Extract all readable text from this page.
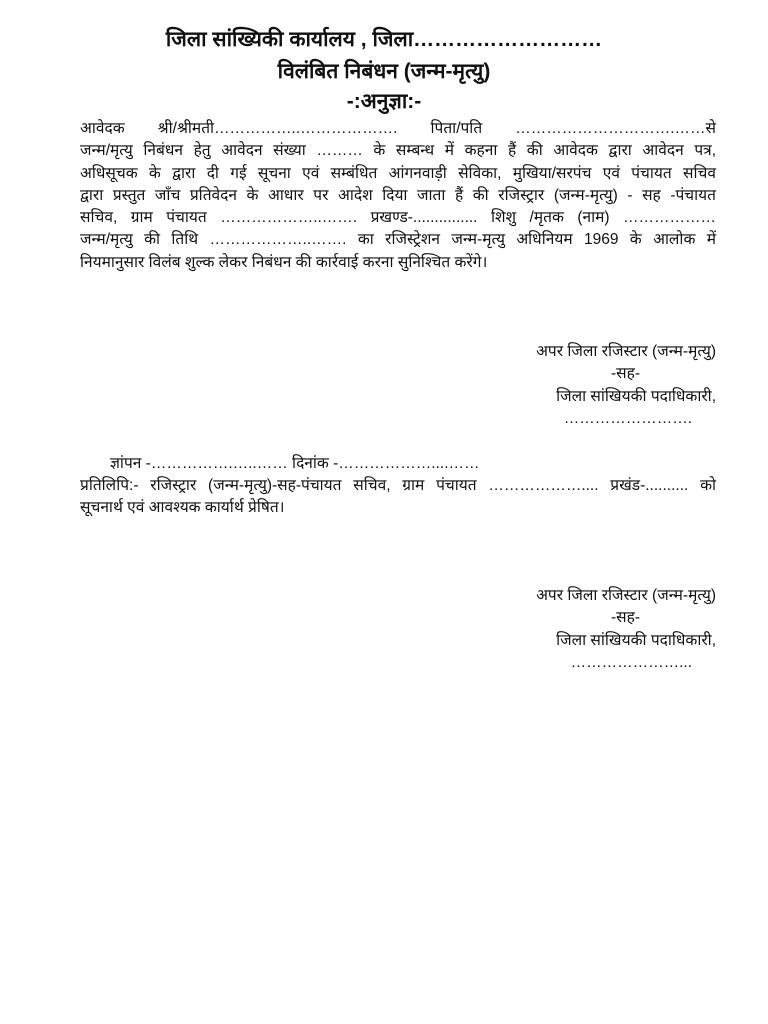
जिला सांख्यिकी कार्यालय , जिला………………………
विलंबित निबंधन (जन्म-मृत्यु)
-:अनुज्ञा:-
आवेदक श्री/श्रीमती……………..………………. पिता/पति ………………………….……से
जन्म/मृत्यु निबंधन हेतु आवेदन संख्या ……… के सम्बन्ध में कहना हैं की आवेदक द्वारा आवेदन पत्र,
अधिसूचक के द्वारा दी गई सूचना एवं सम्बंधित आंगनवाड़ी सेविका, मुखिया/सरपंच एवं पंचायत सचिव
द्वारा प्रस्तुत जाँच प्रतिवेदन के आधार पर आदेश दिया जाता हैं की रजिस्ट्रार (जन्म-मृत्यु) - सह -पंचायत
सचिव, ग्राम पंचायत ………………..……. प्रखण्ड-............... शिशु /मृतक (नाम) ………………
जन्म/मृत्यु की तिथि ………………..……. का रजिस्ट्रेशन जन्म-मृत्यु अधिनियम 1969 के आलोक में
नियमानुसार विलंब शुल्क लेकर निबंधन की कार्रवाई करना सुनिश्चित करेंगे।
अपर जिला रजिस्टार (जन्म-मृत्यु)
-सह-
जिला सांखियकी पदाधिकारी,
…………………….
ज्ञांपन -…………….…..…… दिनांक -………………....……
प्रतिलिपि:- रजिस्ट्रार (जन्म-मृत्यु)-सह-पंचायत सचिव, ग्राम पंचायत ……………….... प्रखंड-.......... को
सूचनार्थ एवं आवश्यक कार्यार्थ प्रेषित।
अपर जिला रजिस्टार (जन्म-मृत्यु)
-सह-
जिला सांखियकी पदाधिकारी,
…………………...
